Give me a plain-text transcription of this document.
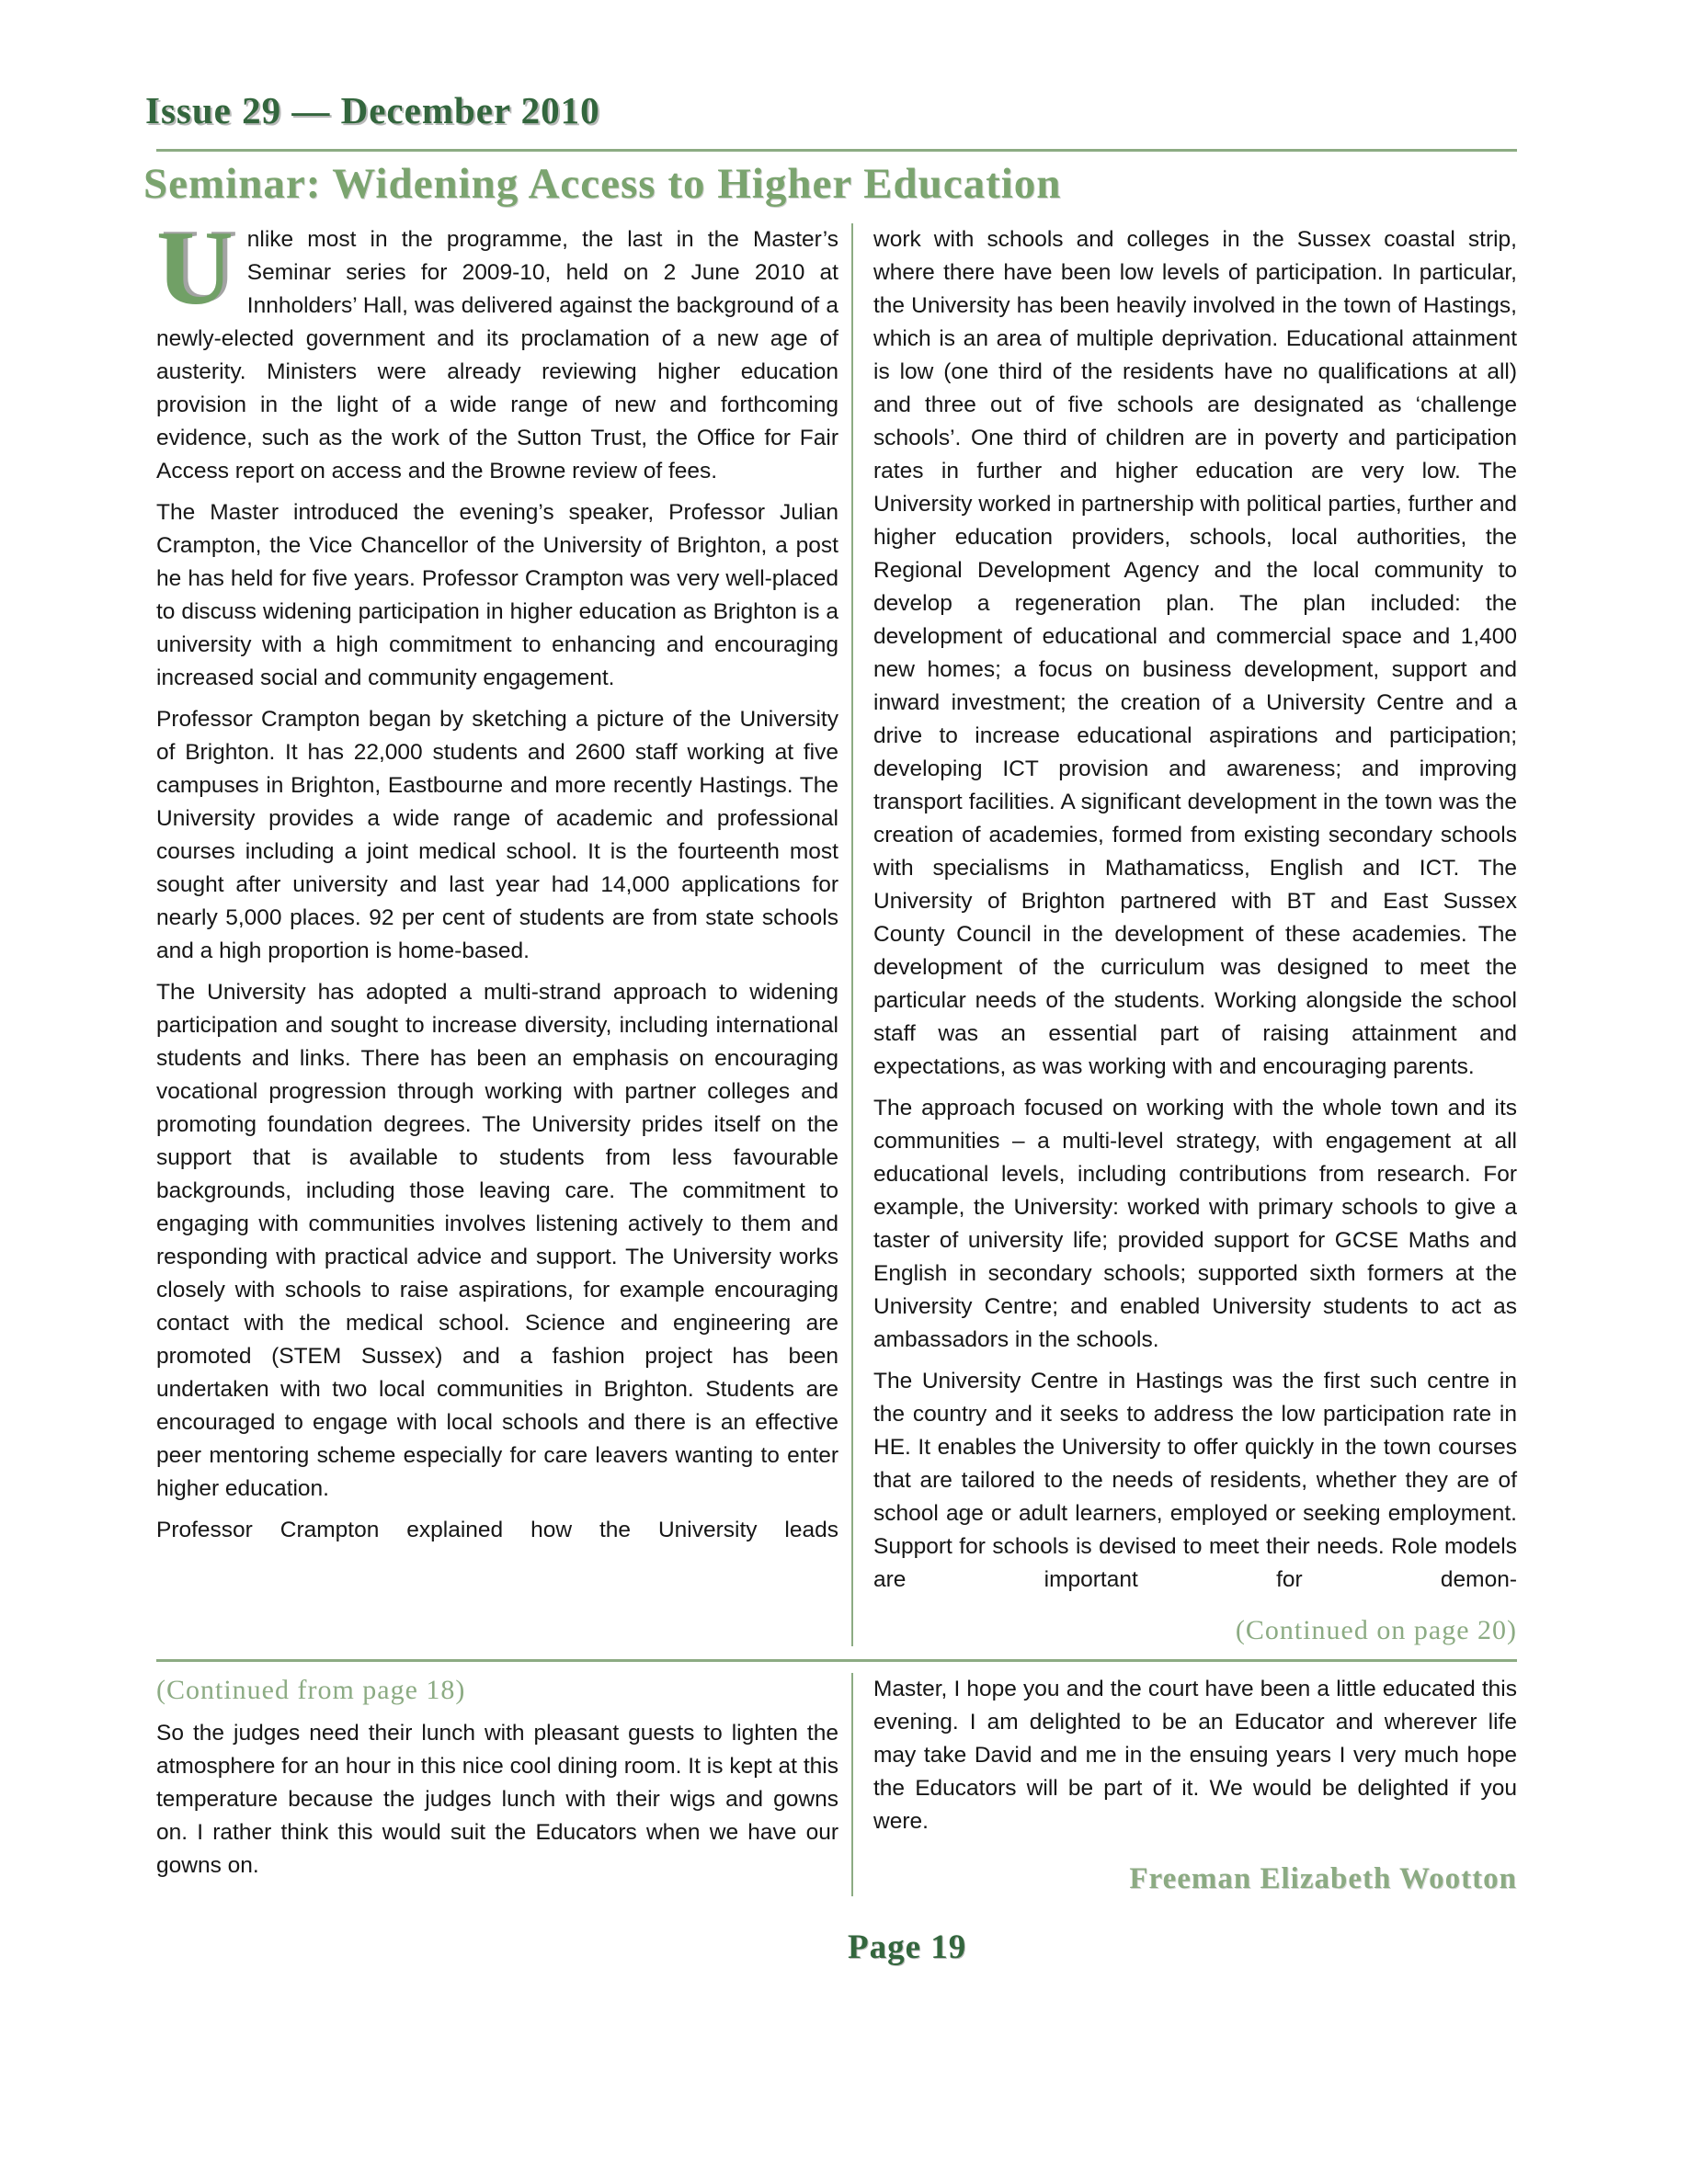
Issue 29 — December 2010
Seminar: Widening Access to Higher Education

Unlike most in the programme, the last in the Master’s Seminar series for 2009-10, held on 2 June 2010 at Innholders’ Hall, was delivered against the background of a newly-elected government and its proclamation of a new age of austerity. Ministers were already reviewing higher education provision in the light of a wide range of new and forthcoming evidence, such as the work of the Sutton Trust, the Office for Fair Access report on access and the Browne review of fees.

The Master introduced the evening’s speaker, Professor Julian Crampton, the Vice Chancellor of the University of Brighton, a post he has held for five years. Professor Crampton was very well-placed to discuss widening participation in higher education as Brighton is a university with a high commitment to enhancing and encouraging increased social and community engagement.

Professor Crampton began by sketching a picture of the University of Brighton. It has 22,000 students and 2600 staff working at five campuses in Brighton, Eastbourne and more recently Hastings. The University provides a wide range of academic and professional courses including a joint medical school. It is the fourteenth most sought after university and last year had 14,000 applications for nearly 5,000 places. 92 per cent of students are from state schools and a high proportion is home-based.

The University has adopted a multi-strand approach to widening participation and sought to increase diversity, including international students and links. There has been an emphasis on encouraging vocational progression through working with partner colleges and promoting foundation degrees. The University prides itself on the support that is available to students from less favourable backgrounds, including those leaving care. The commitment to engaging with communities involves listening actively to them and responding with practical advice and support. The University works closely with schools to raise aspirations, for example encouraging contact with the medical school. Science and engineering are promoted (STEM Sussex) and a fashion project has been undertaken with two local communities in Brighton. Students are encouraged to engage with local schools and there is an effective peer mentoring scheme especially for care leavers wanting to enter higher education.

Professor Crampton explained how the University leads

work with schools and colleges in the Sussex coastal strip, where there have been low levels of participation. In particular, the University has been heavily involved in the town of Hastings, which is an area of multiple deprivation. Educational attainment is low (one third of the residents have no qualifications at all) and three out of five schools are designated as ‘challenge schools’. One third of children are in poverty and participation rates in further and higher education are very low. The University worked in partnership with political parties, further and higher education providers, schools, local authorities, the Regional Development Agency and the local community to develop a regeneration plan. The plan included: the development of educational and commercial space and 1,400 new homes; a focus on business development, support and inward investment; the creation of a University Centre and a drive to increase educational aspirations and participation; developing ICT provision and awareness; and improving transport facilities. A significant development in the town was the creation of academies, formed from existing secondary schools with specialisms in Mathamaticss, English and ICT. The University of Brighton partnered with BT and East Sussex County Council in the development of these academies. The development of the curriculum was designed to meet the particular needs of the students. Working alongside the school staff was an essential part of raising attainment and expectations, as was working with and encouraging parents.

The approach focused on working with the whole town and its communities – a multi-level strategy, with engagement at all educational levels, including contributions from research. For example, the University: worked with primary schools to give a taster of university life; provided support for GCSE Maths and English in secondary schools; supported sixth formers at the University Centre; and enabled University students to act as ambassadors in the schools.

The University Centre in Hastings was the first such centre in the country and it seeks to address the low participation rate in HE. It enables the University to offer quickly in the town courses that are tailored to the needs of residents, whether they are of school age or adult learners, employed or seeking employment. Support for schools is devised to meet their needs. Role models are important for demon-

(Continued on page 20)
(Continued from page 18)

So the judges need their lunch with pleasant guests to lighten the atmosphere for an hour in this nice cool dining room. It is kept at this temperature because the judges lunch with their wigs and gowns on. I rather think this would suit the Educators when we have our gowns on.

Master, I hope you and the court have been a little educated this evening. I am delighted to be an Educator and wherever life may take David and me in the ensuing years I very much hope the Educators will be part of it. We would be delighted if you were.

Freeman Elizabeth Wootton
Page 19
